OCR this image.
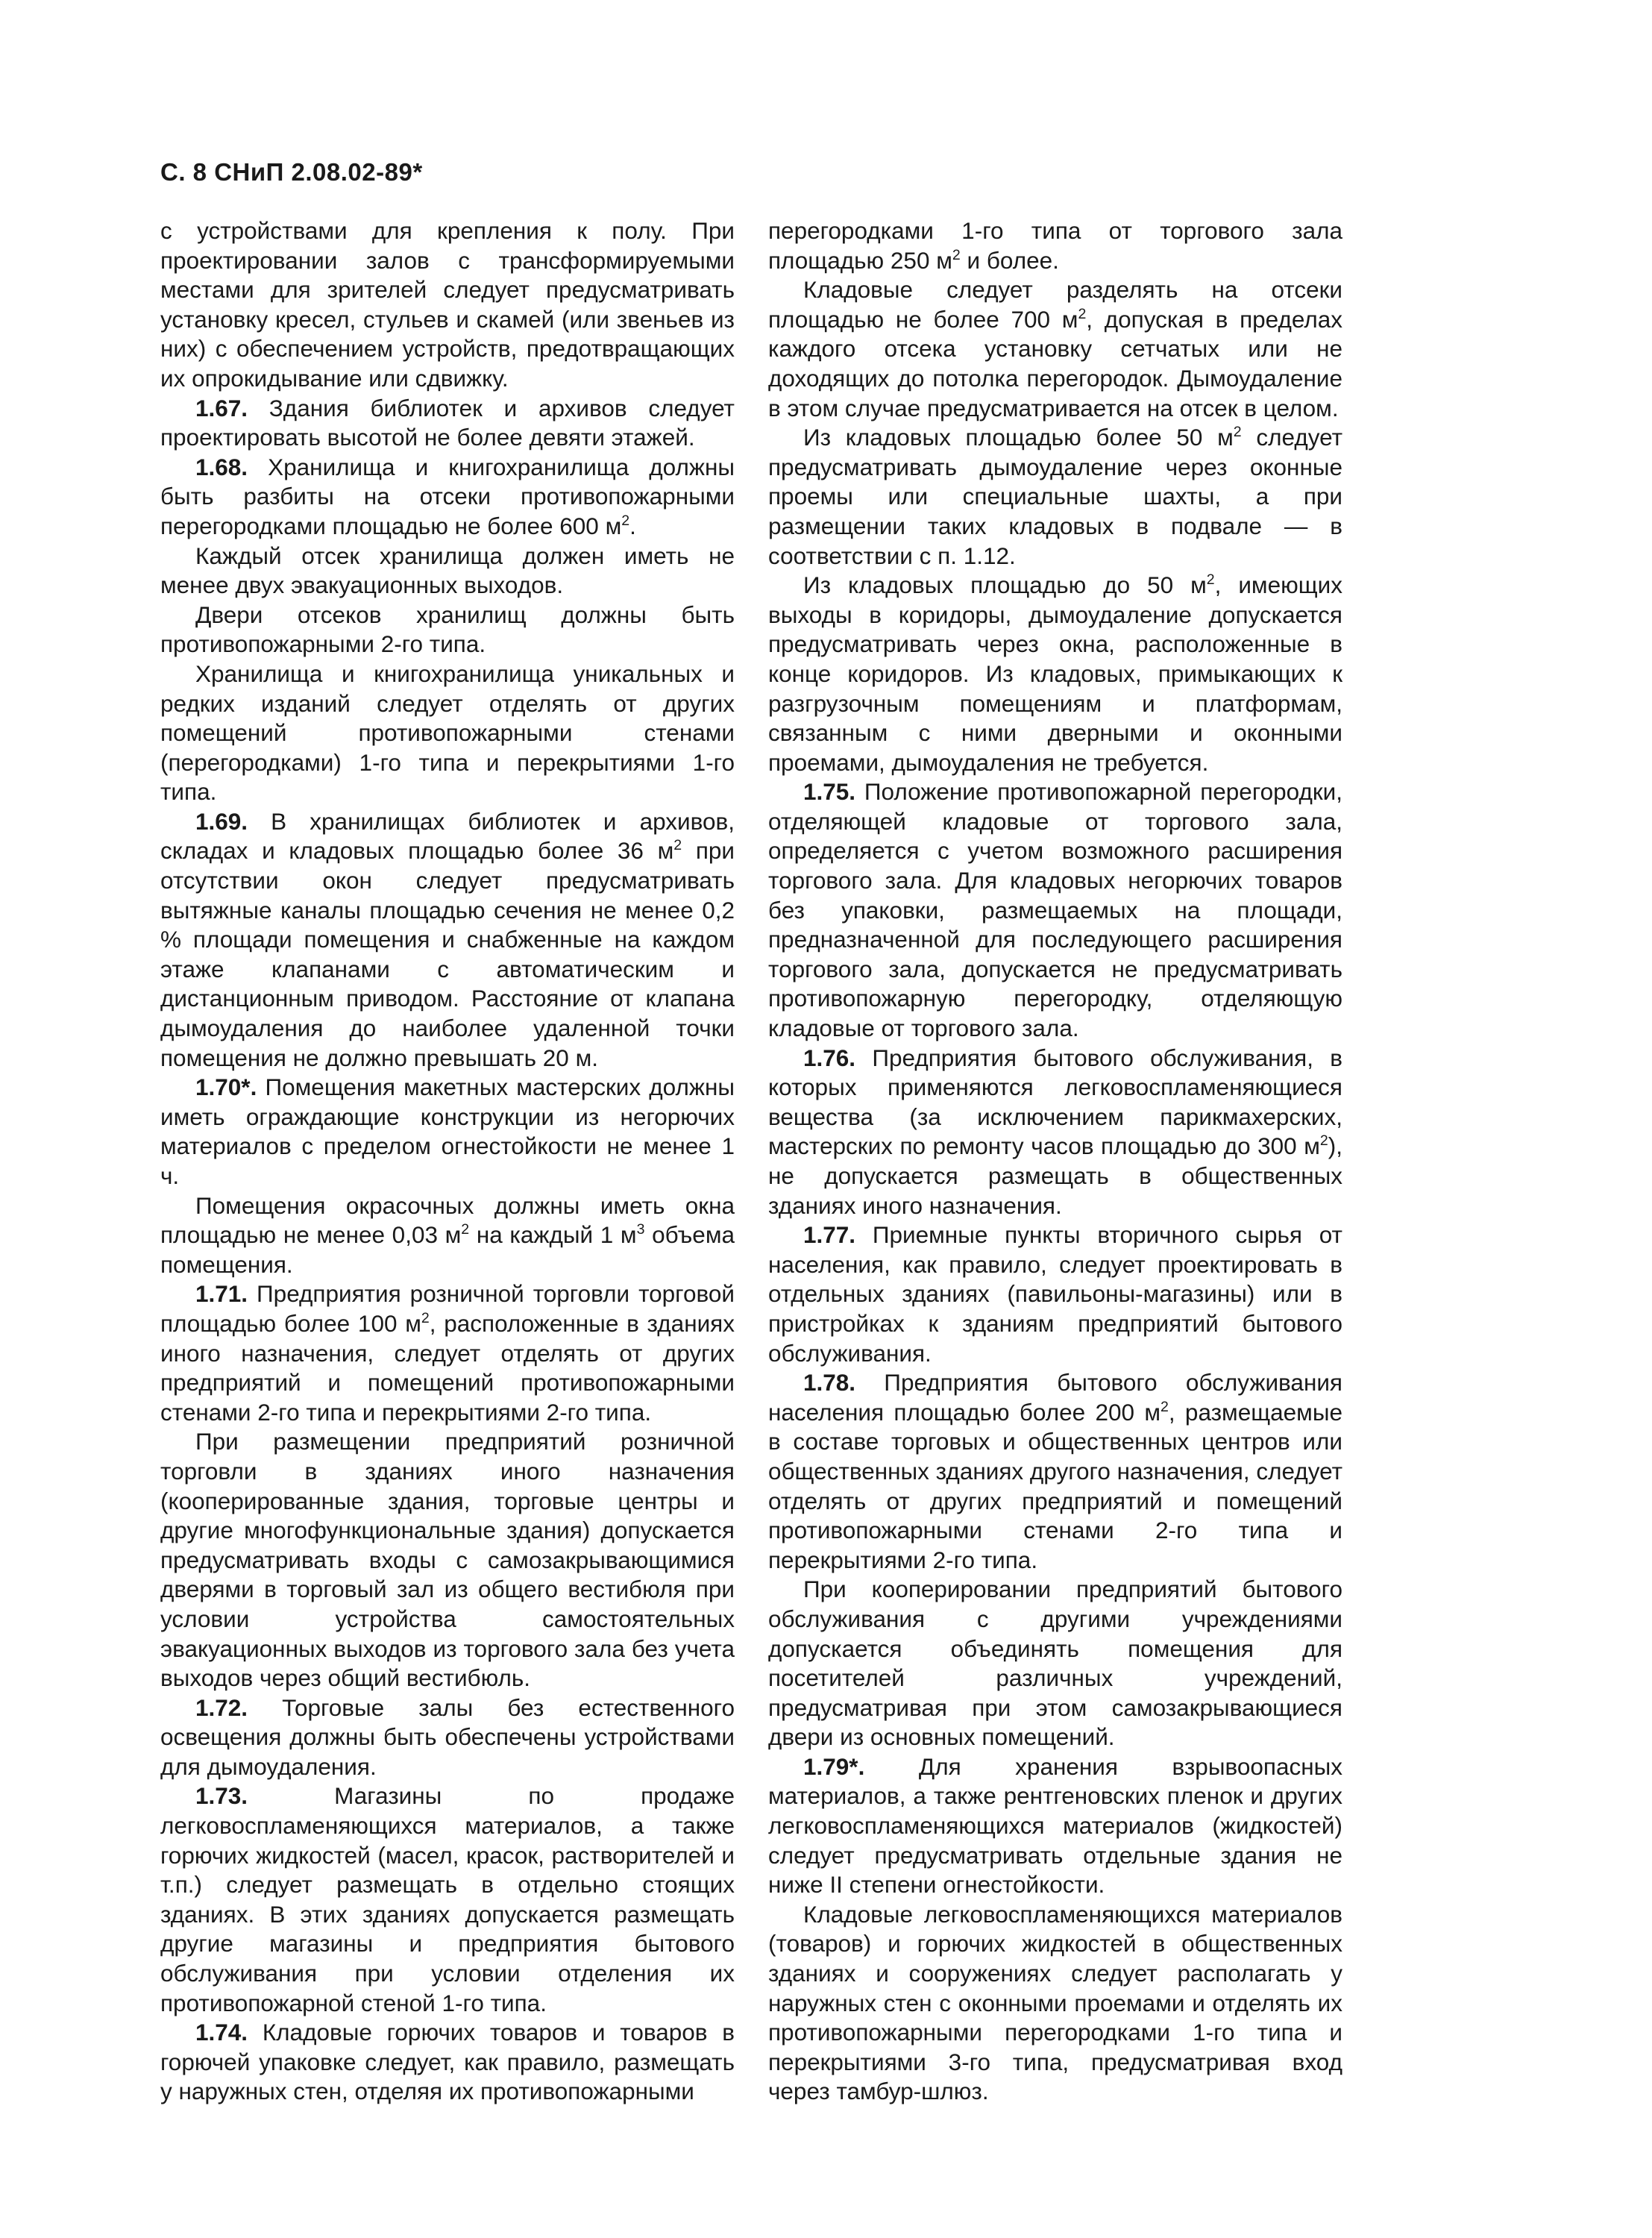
С. 8 СНиП 2.08.02-89*

с устройствами для крепления к полу. При проектировании залов с трансформируемыми местами для зрителей следует предусматривать установку кресел, стульев и скамей (или звеньев из них) с обеспечением устройств, предотвращающих их опрокидывание или сдвижку.

1.67. Здания библиотек и архивов следует проектировать высотой не более девяти этажей.

1.68. Хранилища и книгохранилища должны быть разбиты на отсеки противопожарными перегородками площадью не более 600 $м^2$.

Каждый отсек хранилища должен иметь не менее двух эвакуационных выходов.

Двери отсеков хранилищ должны быть противопожарными 2-го типа.

Хранилища и книгохранилища уникальных и редких изданий следует отделять от других помещений противопожарными стенами (перегородками) 1-го типа и перекрытиями 1-го типа.

1.69. В хранилищах библиотек и архивов, складах и кладовых площадью более 36 $м^2$ при отсутствии окон следует предусматривать вытяжные каналы площадью сечения не менее 0,2 % площади помещения и снабженные на каждом этаже клапанами с автоматическим и дистанционным приводом. Расстояние от клапана дымоудаления до наиболее удаленной точки помещения не должно превышать 20 м.

1.70*. Помещения макетных мастерских должны иметь ограждающие конструкции из негорючих материалов с пределом огнестойкости не менее 1 ч.

Помещения окрасочных должны иметь окна площадью не менее 0,03 $м^2$ на каждый 1 $м^3$ объема помещения.

1.71. Предприятия розничной торговли торговой площадью более 100 $м^2$, расположенные в зданиях иного назначения, следует отделять от других предприятий и помещений противопожарными стенами 2-го типа и перекрытиями 2-го типа.

При размещении предприятий розничной торговли в зданиях иного назначения (кооперированные здания, торговые центры и другие многофункциональные здания) допускается предусматривать входы с самозакрывающимися дверями в торговый зал из общего вестибюля при условии устройства самостоятельных эвакуационных выходов из торгового зала без учета выходов через общий вестибюль.

1.72. Торговые залы без естественного освещения должны быть обеспечены устройствами для дымоудаления.

1.73. Магазины по продаже легковоспламеняющихся материалов, а также горючих жидкостей (масел, красок, растворителей и т.п.) следует размещать в отдельно стоящих зданиях. В этих зданиях допускается размещать другие магазины и предприятия бытового обслуживания при условии отделения их противопожарной стеной 1-го типа.

1.74. Кладовые горючих товаров и товаров в горючей упаковке следует, как правило, размещать у наружных стен, отделяя их противопожарными

перегородками 1-го типа от торгового зала площадью 250 $м^2$ и более.

Кладовые следует разделять на отсеки площадью не более 700 $м^2$, допуская в пределах каждого отсека установку сетчатых или не доходящих до потолка перегородок. Дымоудаление в этом случае предусматривается на отсек в целом.

Из кладовых площадью более 50 $м^2$ следует предусматривать дымоудаление через оконные проемы или специальные шахты, а при размещении таких кладовых в подвале — в соответствии с п. 1.12.

Из кладовых площадью до 50 $м^2$, имеющих выходы в коридоры, дымоудаление допускается предусматривать через окна, расположенные в конце коридоров. Из кладовых, примыкающих к разгрузочным помещениям и платформам, связанным с ними дверными и оконными проемами, дымоудаления не требуется.

1.75. Положение противопожарной перегородки, отделяющей кладовые от торгового зала, определяется с учетом возможного расширения торгового зала. Для кладовых негорючих товаров без упаковки, размещаемых на площади, предназначенной для последующего расширения торгового зала, допускается не предусматривать противопожарную перегородку, отделяющую кладовые от торгового зала.

1.76. Предприятия бытового обслуживания, в которых применяются легковоспламеняющиеся вещества (за исключением парикмахерских, мастерских по ремонту часов площадью до 300 $м^2$), не допускается размещать в общественных зданиях иного назначения.

1.77. Приемные пункты вторичного сырья от населения, как правило, следует проектировать в отдельных зданиях (павильоны-магазины) или в пристройках к зданиям предприятий бытового обслуживания.

1.78. Предприятия бытового обслуживания населения площадью более 200 $м^2$, размещаемые в составе торговых и общественных центров или общественных зданиях другого назначения, следует отделять от других предприятий и помещений противопожарными стенами 2-го типа и перекрытиями 2-го типа.

При кооперировании предприятий бытового обслуживания с другими учреждениями допускается объединять помещения для посетителей различных учреждений, предусматривая при этом самозакрывающиеся двери из основных помещений.

1.79*. Для хранения взрывоопасных материалов, а также рентгеновских пленок и других легковоспламеняющихся материалов (жидкостей) следует предусматривать отдельные здания не ниже II степени огнестойкости.

Кладовые легковоспламеняющихся материалов (товаров) и горючих жидкостей в общественных зданиях и сооружениях следует располагать у наружных стен с оконными проемами и отделять их противопожарными перегородками 1-го типа и перекрытиями 3-го типа, предусматривая вход через тамбур-шлюз.
